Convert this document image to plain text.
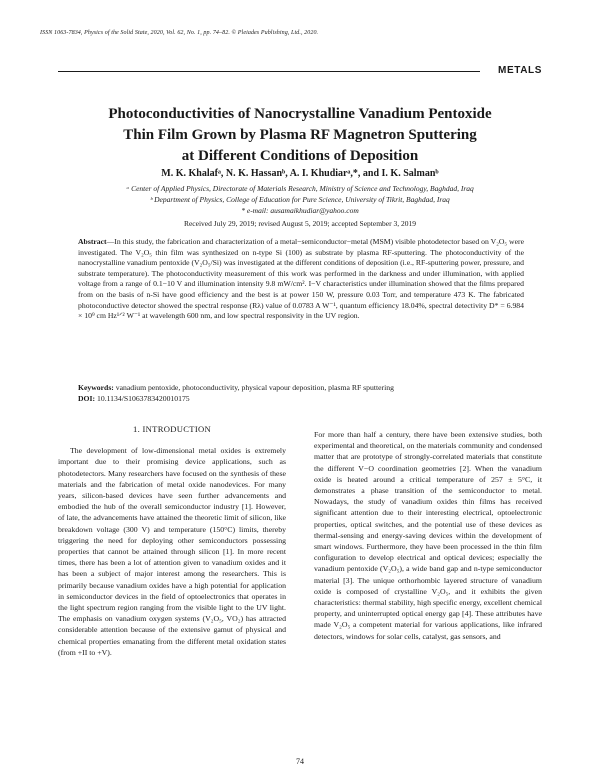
ISSN 1063-7834, Physics of the Solid State, 2020, Vol. 62, No. 1, pp. 74–82. © Pleiades Publishing, Ltd., 2020.
METALS
Photoconductivities of Nanocrystalline Vanadium Pentoxide
Thin Film Grown by Plasma RF Magnetron Sputtering
at Different Conditions of Deposition
M. K. Khalafᵃ, N. K. Hassanᵇ, A. I. Khudiarᵃ,*, and I. K. Salmanᵇ
ᵃ Center of Applied Physics, Directorate of Materials Research, Ministry of Science and Technology, Baghdad, Iraq
ᵇ Department of Physics, College of Education for Pure Science, University of Tikrit, Baghdad, Iraq
* e-mail: ausamaikhudiar@yahoo.com
Received July 29, 2019; revised August 5, 2019; accepted September 3, 2019
Abstract—In this study, the fabrication and characterization of a metal−semiconductor−metal (MSM) visible photodetector based on V₂O₅ were investigated. The V₂O₅ thin film was synthesized on n-type Si (100) as substrate by plasma RF-sputtering. The photoconductivity of the nanocrystalline vanadium pentoxide (V₂O₅/Si) was investigated at the different conditions of deposition (i.e., RF-sputtering power, pressure, and substrate temperature). The photoconductivity measurement of this work was performed in the darkness and under illumination, with applied voltage from a range of 0.1−10 V and illumination intensity 9.8 mW/cm². I−V characteristics under illumination showed that the films prepared from on the basis of n-Si have good efficiency and the best is at power 150 W, pressure 0.03 Torr, and temperature 473 K. The fabricated photoconductive detector showed the spectral response (Rλ) value of 0.0783 A W⁻¹, quantum efficiency 18.04%, spectral detectivity D* = 6.984 × 10⁹ cm Hz¹ᐟ² W⁻¹ at wavelength 600 nm, and low spectral responsivity in the UV region.
Keywords: vanadium pentoxide, photoconductivity, physical vapour deposition, plasma RF sputtering
DOI: 10.1134/S1063783420010175
1. INTRODUCTION

The development of low-dimensional metal oxides is extremely important due to their promising device applications, such as photodetectors. Many researchers have focused on the synthesis of these materials and the fabrication of metal oxide nanodevices. For many years, silicon-based devices have seen further advancements and embodied the hub of the overall semiconductor industry [1]. However, of late, the advancements have attained the theoretic limit of silicon, like breakdown voltage (300 V) and temperature (150°C) limits, thereby triggering the need for deploying other semiconductors possessing properties that cannot be attained through silicon [1]. In more recent times, there has been a lot of attention given to vanadium oxides and it has been a subject of major interest among the researchers. This is primarily because vanadium oxides have a high potential for application in semiconductor devices in the field of optoelectronics that operates in the light spectrum region ranging from the visible light to the UV light. The emphasis on vanadium oxygen systems (V₂O₅, VO₂) has attracted considerable attention because of the extensive gamut of physical and chemical properties emanating from the different metal oxidation states (from +II to +V).

For more than half a century, there have been extensive studies, both experimental and theoretical, on the materials community and condensed matter that are prototype of strongly-correlated materials that constitute the different V−O coordination geometries [2]. When the vanadium oxide is heated around a critical temperature of 257 ± 5°C, it demonstrates a phase transition of the semiconductor to metal. Nowadays, the study of vanadium oxides thin films has received significant attention due to their interesting electrical, optoelectronic properties, optical switches, and the potential use of these devices as thermal-sensing and energy-saving devices within the development of smart windows. Furthermore, they have been processed in the thin film configuration to develop electrical and optical devices; especially the vanadium pentoxide (V₂O₅), a wide band gap and n-type semiconductor material [3]. The unique orthorhombic layered structure of vanadium oxide is composed of crystalline V₂O₅, and it exhibits the given characteristics: thermal stability, high specific energy, excellent chemical property, and uninterrupted optical energy gap [4]. These attributes have made V₂O₅ a competent material for various applications, like infrared detectors, windows for solar cells, catalyst, gas sensors, and

74
